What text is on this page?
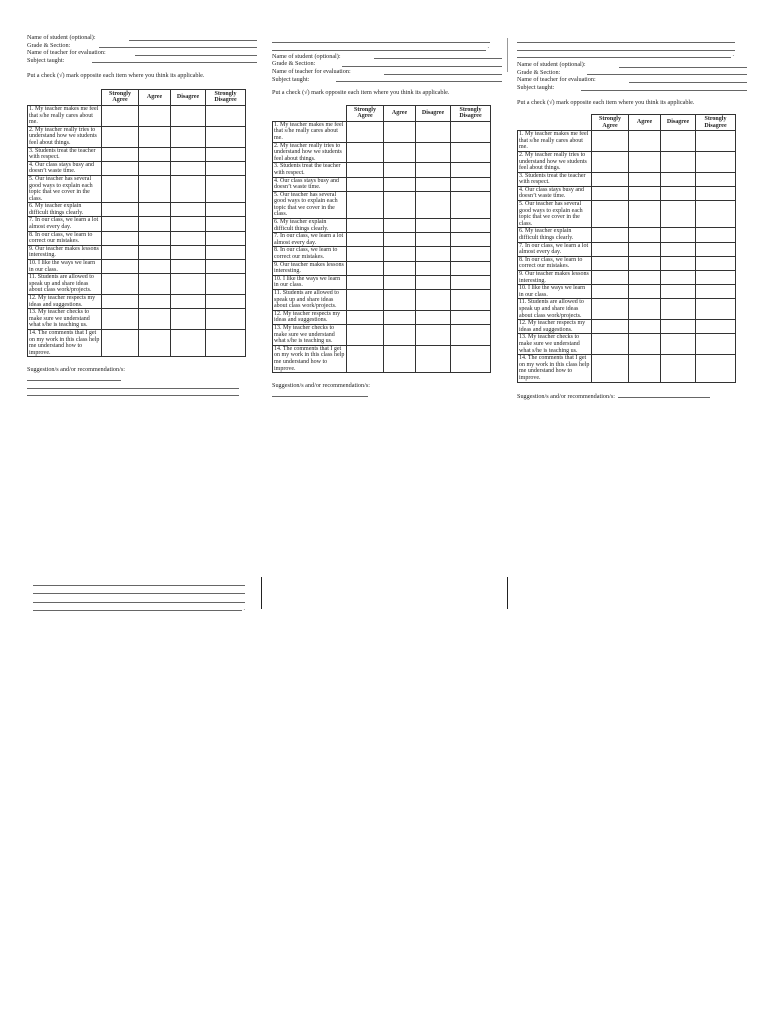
Name of student (optional):
Grade & Section:
Name of teacher for evaluation:
Subject taught:
Put a check (√) mark opposite each item where you think its applicable.
	Strongly Agree	Agree	Disagree	Strongly Disagree
1. My teacher makes me feel that s/he really cares about me.				
2. My teacher really tries to understand how we students feel about things.				
3. Students treat the teacher with respect.				
4. Our class stays busy and doesn’t waste time.				
5. Our teacher has several good ways to explain each topic that we cover in the class.				
6. My teacher explain difficult things clearly.				
7. In our class, we learn a lot almost every day.				
8. In our class, we learn to correct our mistakes.				
9. Our teacher makes lessons interesting.				
10. I like the ways we learn in our class.				
11. Students are allowed to speak up and share ideas about class work/projects.				
12. My teacher respects my ideas and suggestions.				
13. My teacher checks to make sure we understand what s/he is teaching us.				
14. The comments that I get on my work in this class help me understand how to improve.				
Suggestion/s and/or recommendation/s:
.
.
Name of student (optional):
Grade & Section:
Name of teacher for evaluation:
Subject taught:
Put a check (√) mark opposite each item where you think its applicable.
	Strongly Agree	Agree	Disagree	Strongly Disagree
1. My teacher makes me feel that s/he really cares about me.				
2. My teacher really tries to understand how we students feel about things.				
3. Students treat the teacher with respect.				
4. Our class stays busy and doesn’t waste time.				
5. Our teacher has several good ways to explain each topic that we cover in the class.				
6. My teacher explain difficult things clearly.				
7. In our class, we learn a lot almost every day.				
8. In our class, we learn to correct our mistakes.				
9. Our teacher makes lessons interesting.				
10. I like the ways we learn in our class.				
11. Students are allowed to speak up and share ideas about class work/projects.				
12. My teacher respects my ideas and suggestions.				
13. My teacher checks to make sure we understand what s/he is teaching us.				
14. The comments that I get on my work in this class help me understand how to improve.				
Suggestion/s and/or recommendation/s:
.
Name of student (optional):
Grade & Section:
Name of teacher for evaluation:
Subject taught:
Put a check (√) mark opposite each item where you think its applicable.
	Strongly Agree	Agree	Disagree	Strongly Disagree
1. My teacher makes me feel that s/he really cares about me.				
2. My teacher really tries to understand how we students feel about things.				
3. Students treat the teacher with respect.				
4. Our class stays busy and doesn’t waste time.				
5. Our teacher has several good ways to explain each topic that we cover in the class.				
6. My teacher explain difficult things clearly.				
7. In our class, we learn a lot almost every day.				
8. In our class, we learn to correct our mistakes.				
9. Our teacher makes lessons interesting.				
10. I like the ways we learn in our class.				
11. Students are allowed to speak up and share ideas about class work/projects.				
12. My teacher respects my ideas and suggestions.				
13. My teacher checks to make sure we understand what s/he is teaching us.				
14. The comments that I get on my work in this class help me understand how to improve.				
Suggestion/s and/or recommendation/s:
